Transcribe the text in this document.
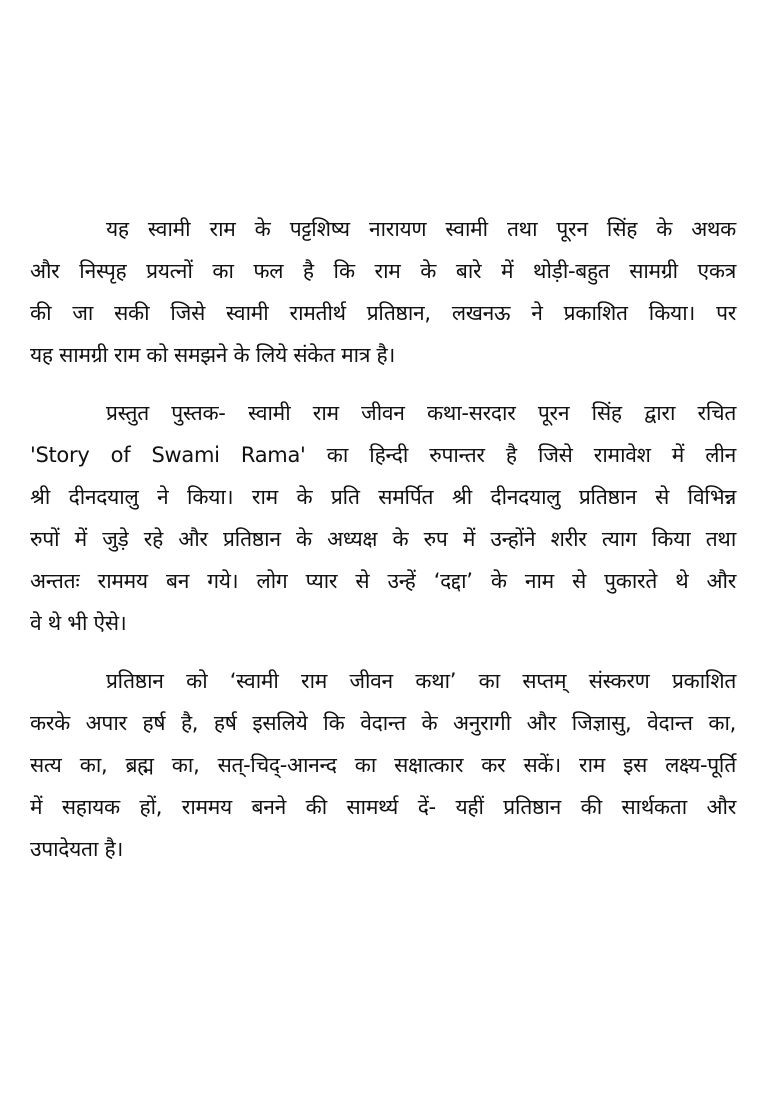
यह स्वामी राम के पट्टशिष्य नारायण स्वामी तथा पूरन सिंह के अथक
और निस्पृह प्रयत्नों का फल है कि राम के बारे में थोड़ी-बहुत सामग्री एकत्र
की जा सकी जिसे स्वामी रामतीर्थ प्रतिष्ठान, लखनऊ ने प्रकाशित किया। पर
यह सामग्री राम को समझने के लिये संकेत मात्र है।
प्रस्तुत पुस्तक- स्वामी राम जीवन कथा-सरदार पूरन सिंह द्वारा रचित
'Story of Swami Rama' का हिन्दी रुपान्तर है जिसे रामावेश में लीन
श्री दीनदयालु ने किया। राम के प्रति समर्पित श्री दीनदयालु प्रतिष्ठान से विभिन्न
रुपों में जुड़े रहे और प्रतिष्ठान के अध्यक्ष के रुप में उन्होंने शरीर त्याग किया तथा
अन्ततः राममय बन गये। लोग प्यार से उन्हें ‘दद्दा’ के नाम से पुकारते थे और
वे थे भी ऐसे।
प्रतिष्ठान को ‘स्वामी राम जीवन कथा’ का सप्तम् संस्करण प्रकाशित
करके अपार हर्ष है, हर्ष इसलिये कि वेदान्त के अनुरागी और जिज्ञासु, वेदान्त का,
सत्य का, ब्रह्म का, सत्-चिद्-आनन्द का सक्षात्कार कर सकें। राम इस लक्ष्य-पूर्ति
में सहायक हों, राममय बनने की सामर्थ्य दें- यहीं प्रतिष्ठान की सार्थकता और
उपादेयता है।
